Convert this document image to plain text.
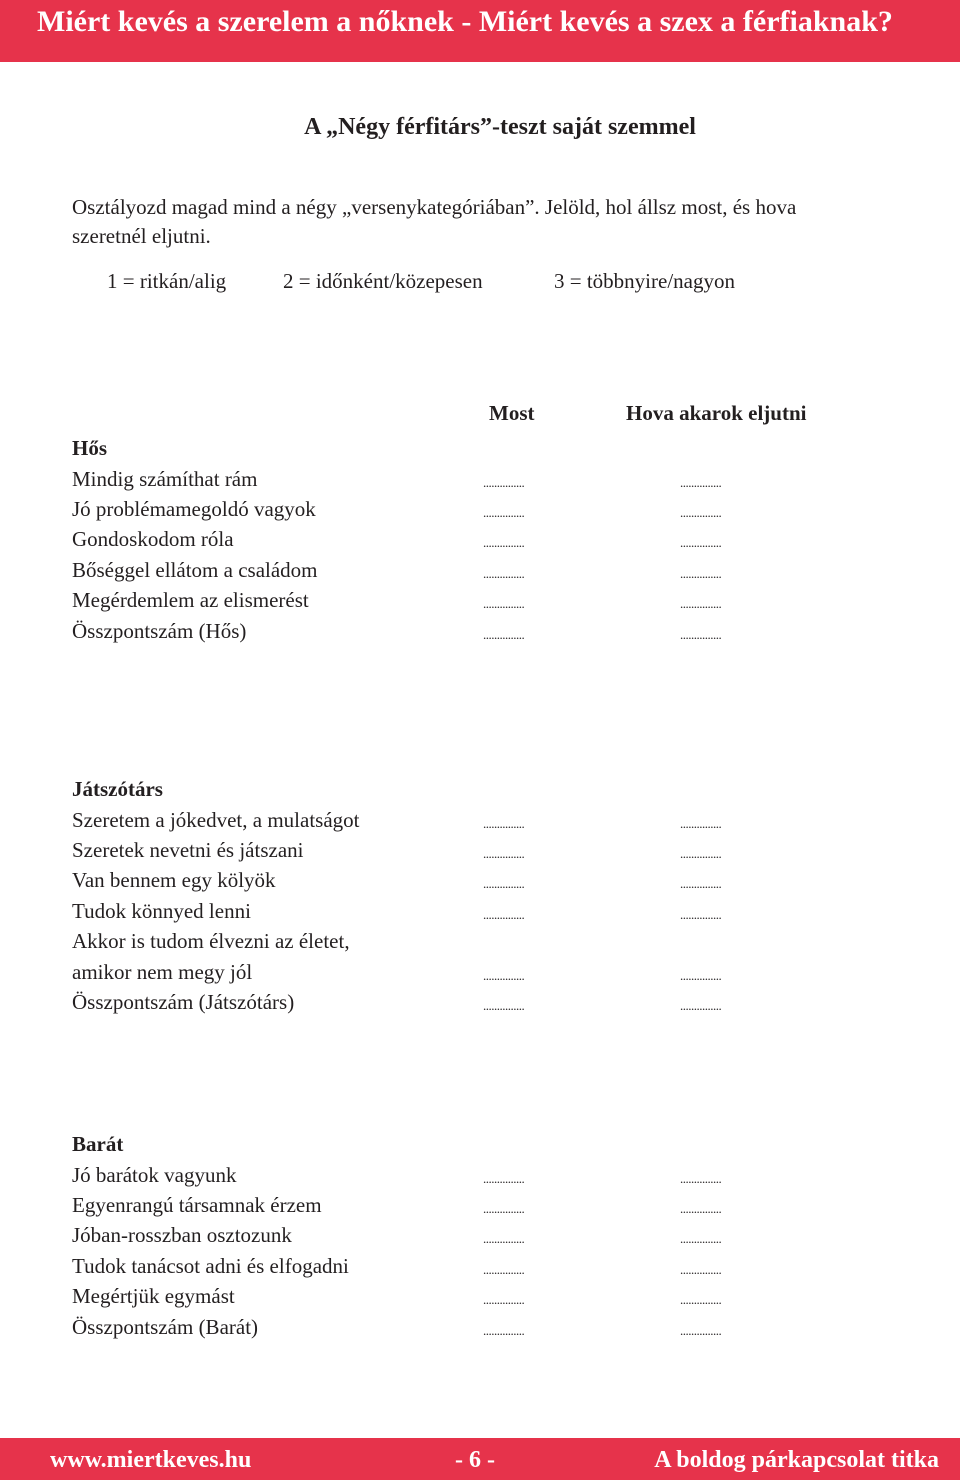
Miért kevés a szerelem a nőknek - Miért kevés a szex a férfiaknak?
A „Négy férfitárs”-teszt saját szemmel
Osztályozd magad mind a négy „versenykategóriában”. Jelöld, hol állsz most, és hova szeretnél eljutni.
1 = ritkán/alig	2 = időnként/közepesen	3 = többnyire/nagyon
Most	Hova akarok eljutni
Hős
Mindig számíthat rám	...............	...............
Jó problémamegoldó vagyok	...............	...............
Gondoskodom róla	...............	...............
Bőséggel ellátom a családom	...............	...............
Megérdemlem az elismerést	...............	...............
Összpontszám (Hős)	...............	...............
Játszótárs
Szeretem a jókedvet, a mulatságot	...............	...............
Szeretek nevetni és játszani	...............	...............
Van bennem egy kölyök	...............	...............
Tudok könnyed lenni	...............	...............
Akkor is tudom élvezni az életet,
amikor nem megy jól	...............	...............
Összpontszám (Játszótárs)	...............	...............
Barát
Jó barátok vagyunk	...............	...............
Egyenrangú társamnak érzem	...............	...............
Jóban-rosszban osztozunk	...............	...............
Tudok tanácsot adni és elfogadni	...............	...............
Megértjük egymást	...............	...............
Összpontszám (Barát)	...............	...............
www.miertkeves.hu	- 6 -	A boldog párkapcsolat titka
